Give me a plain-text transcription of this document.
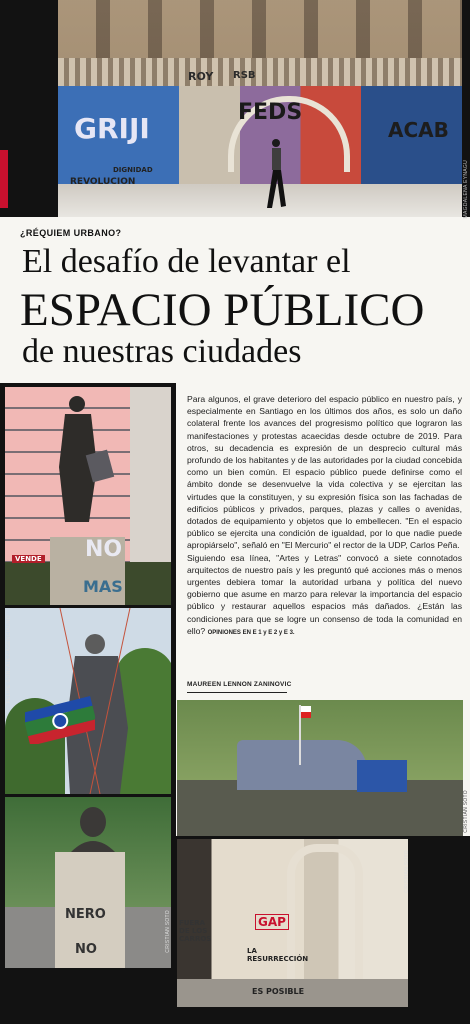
ROY RSB
FEDS
GRIJI
REVOLUCION
ACAB
DIGNIDAD	MAGDALENA EYNAGU
¿RÉQUIEM URBANO?
El desafío de levantar el
ESPACIO PÚBLICO
de nuestras ciudades

Para algunos, el grave deterioro del espacio público en nuestro país, y especialmente en Santiago en los últimos dos años, es solo un daño colateral frente los avances del progresismo político que lograron las manifestaciones y protestas acaecidas desde octubre de 2019. Para otros, su decadencia es expresión de un desprecio cultural más profundo de los habitantes y de las autoridades por la ciudad concebida como un bien común. El espacio público puede definirse como el ámbito donde se desenvuelve la vida colectiva y se ejercitan las virtudes que la constituyen, y su expresión física son las fachadas de edificios públicos y privados, parques, plazas y calles o avenidas, dotados de equipamiento y objetos que lo embellecen. "En el espacio público se ejercita una condición de igualdad, por lo que nadie puede apropiárselo", señaló en "El Mercurio" el rector de la UDP, Carlos Peña.

Siguiendo esa línea, "Artes y Letras" convocó a siete connotados arquitectos de nuestro país y les preguntó qué acciones más o menos urgentes debiera tomar la autoridad urbana y política del nuevo gobierno que asume en marzo para relevar la importancia del espacio público y restaurar aquellos espacios más dañados. ¿Están las condiciones para que se logre un consenso de toda la comunidad en ello? OPINIONES EN E 1 y E 2 y E 3.

MAUREEN LENNON ZANINOVIC
NO
MAS
VENDE
FELIPE GONZÁLEZ/AGENCIAUNO
NERO
NO	CRISTIAN SOTO
CRISTIAN SOTO
GAP
FUERA DE LOS CARROS
LA RESURRECCIÓN
ES POSIBLE
CRISTIAN SOTO
